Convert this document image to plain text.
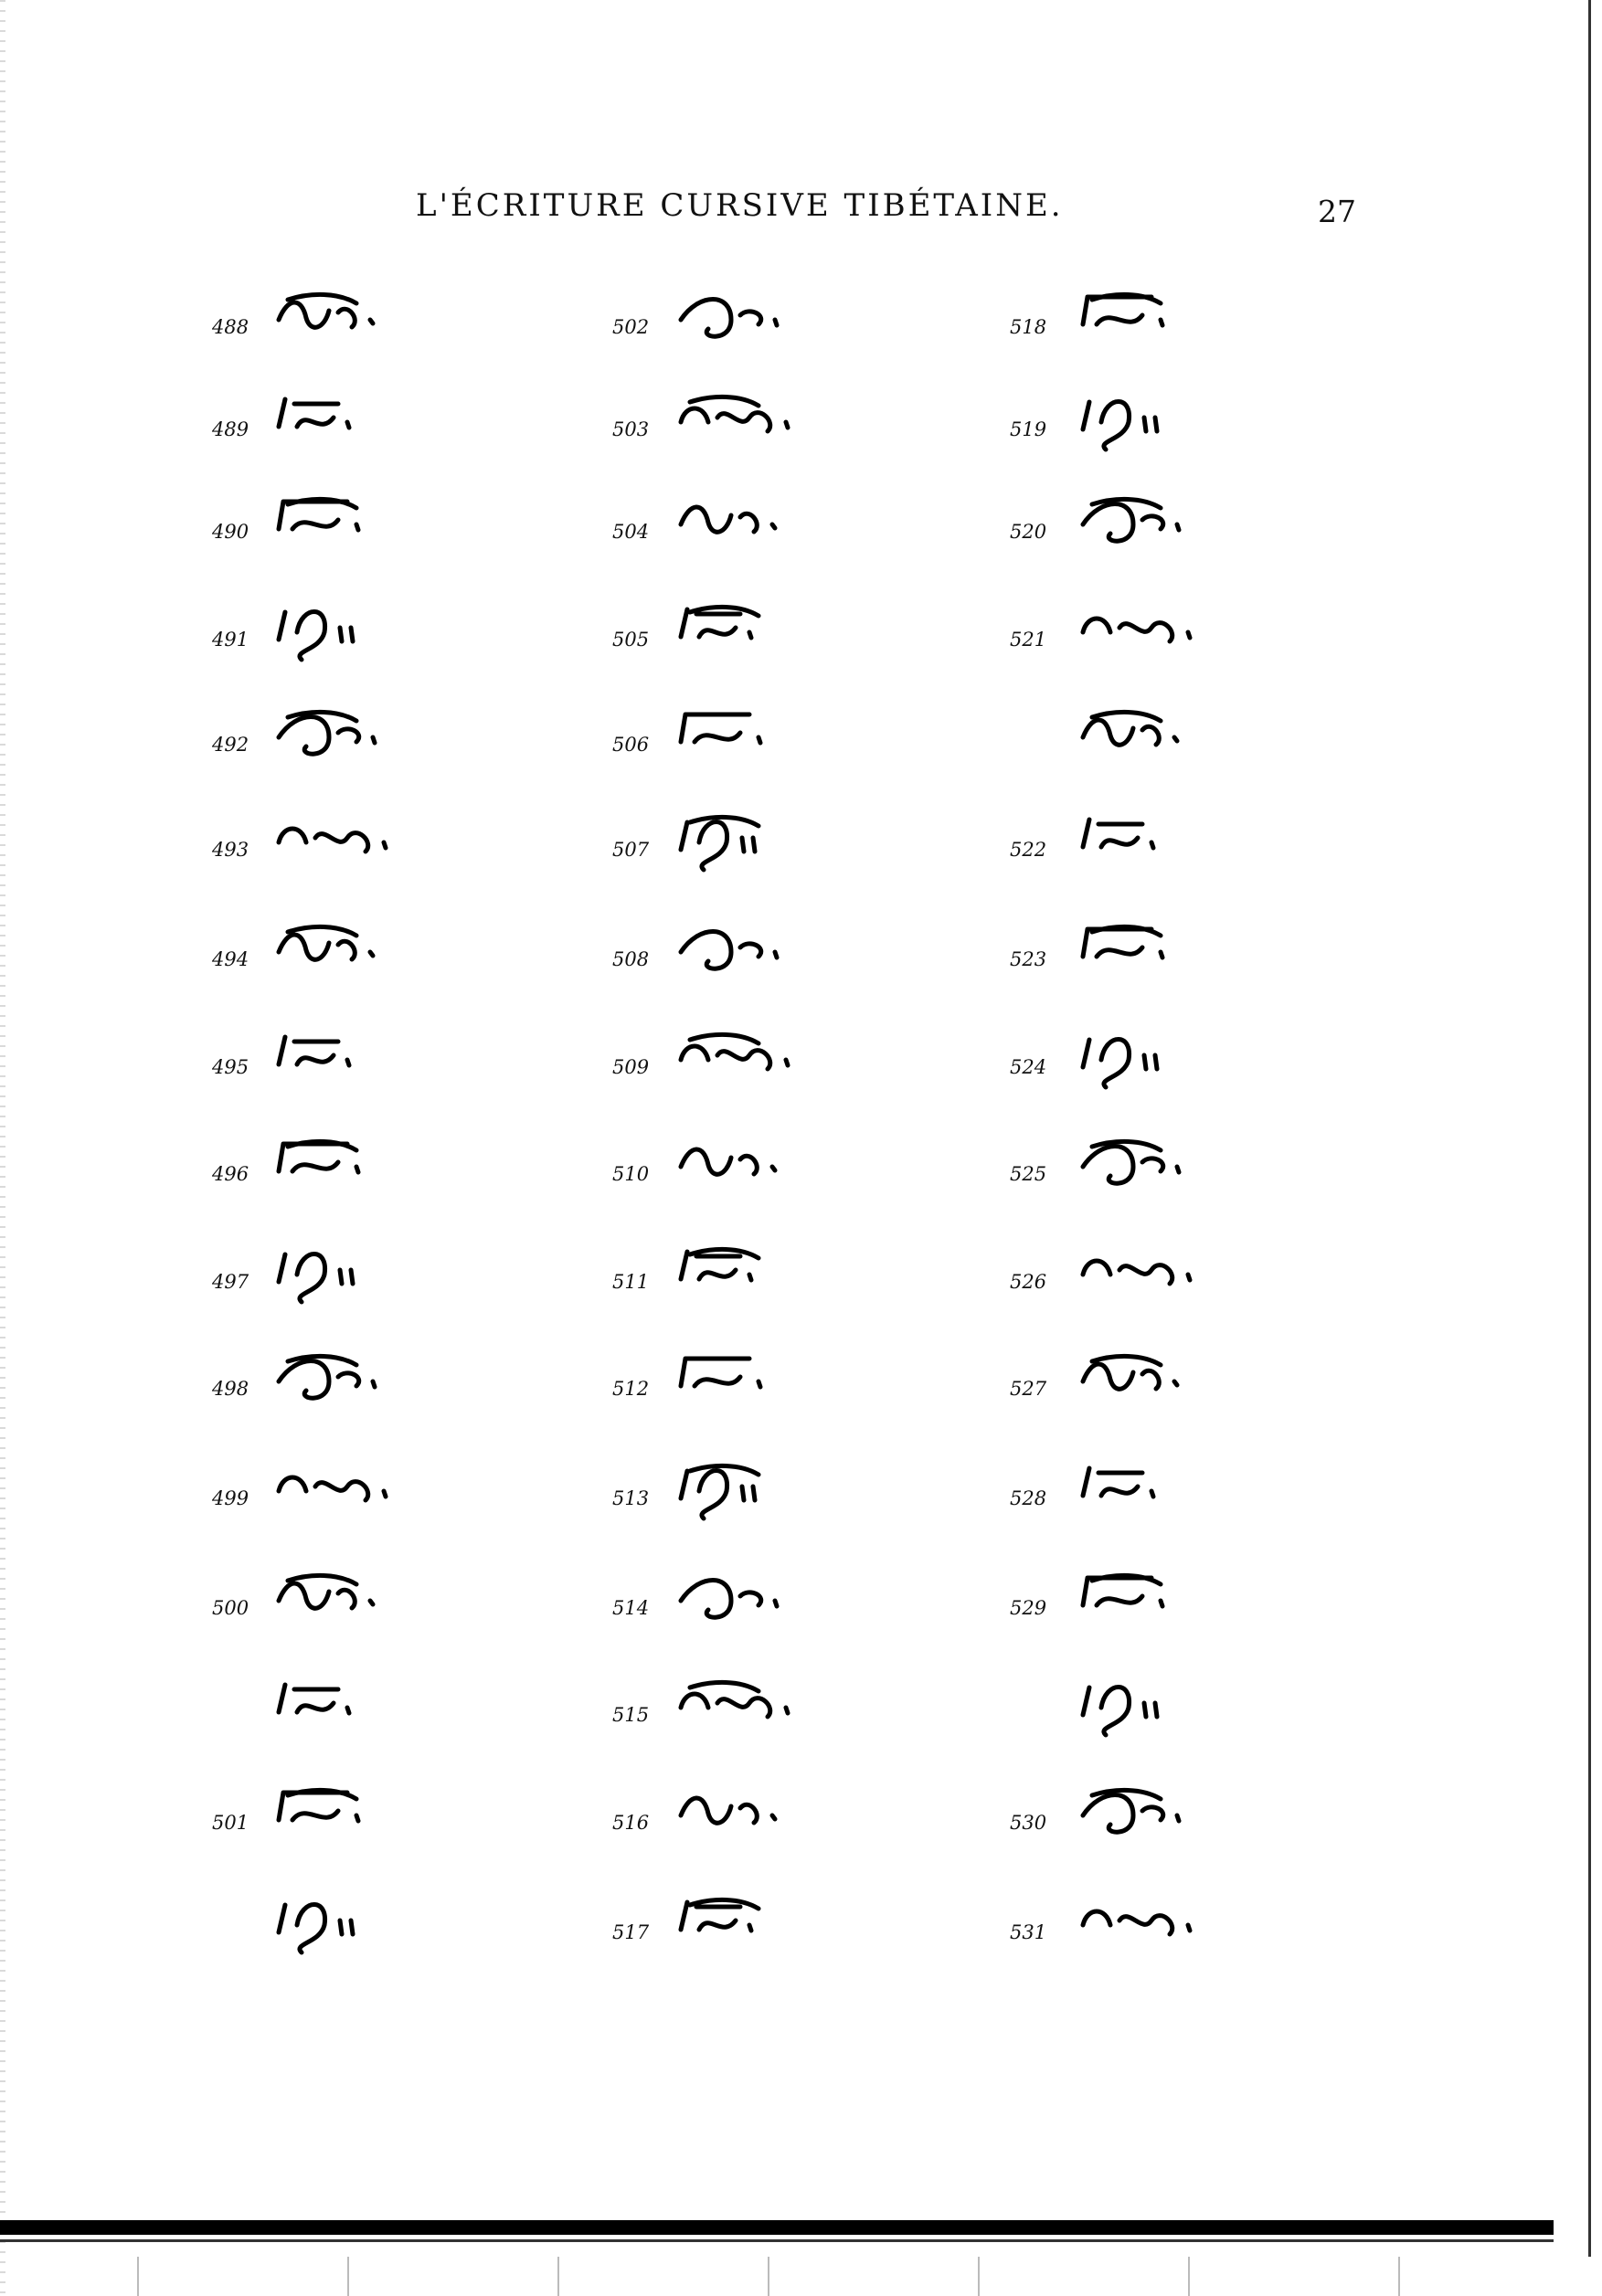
L'ÉCRITURE CURSIVE TIBÉTAINE.	27
488
489
490
491
492
493
494
495
496
497
498
499
500
501
502
503
504
505
506
507
508
509
510
511
512
513
514
515
516
517
518
519
520
521
522
523
524
525
526
527
528
529
530
531
